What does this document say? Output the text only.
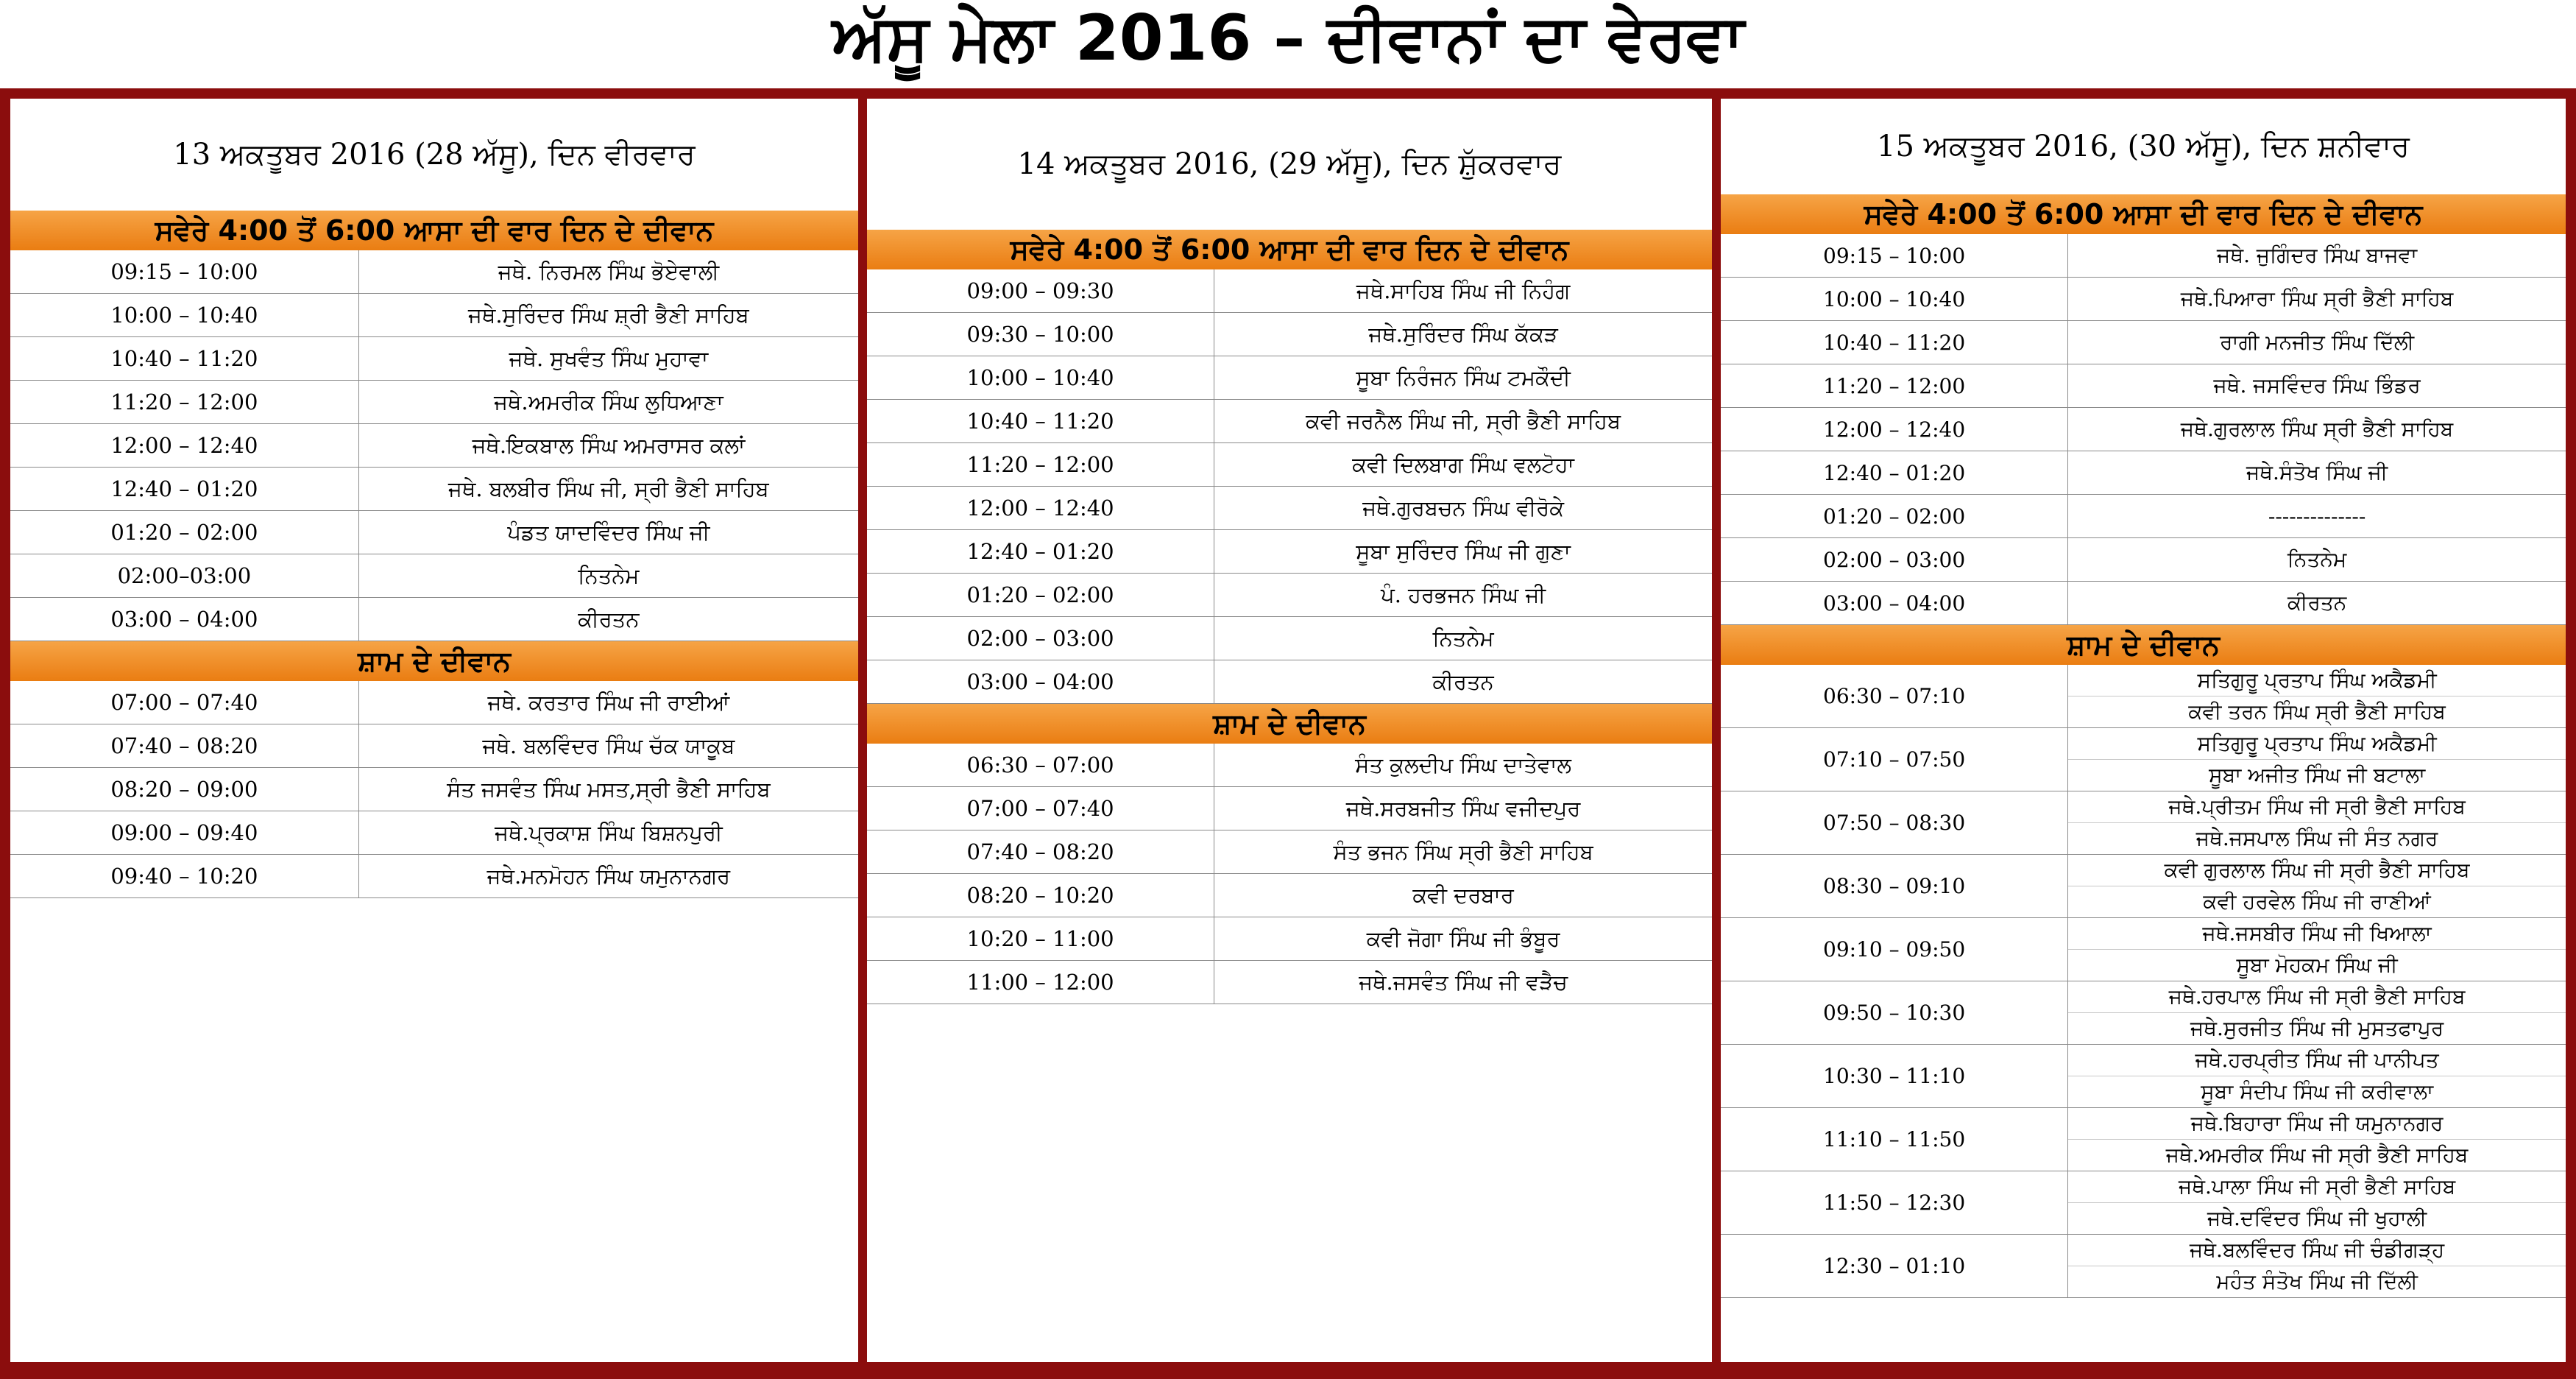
ਅੱਸੂ ਮੇਲਾ 2016 – ਦੀਵਾਨਾਂ ਦਾ ਵੇਰਵਾ
13 ਅਕਤੂਬਰ 2016 (28 ਅੱਸੂ), ਦਿਨ ਵੀਰਵਾਰ
ਸਵੇਰੇ 4:00 ਤੋਂ 6:00 ਆਸਾ ਦੀ ਵਾਰ ਦਿਨ ਦੇ ਦੀਵਾਨ
09:15 – 10:00	ਜਥੇ. ਨਿਰਮਲ ਸਿੰਘ ਭੋਏਵਾਲੀ
10:00 – 10:40	ਜਥੇ.ਸੁਰਿੰਦਰ ਸਿੰਘ ਸ਼੍ਰੀ ਭੈਣੀ ਸਾਹਿਬ
10:40 – 11:20	ਜਥੇ. ਸੁਖਵੰਤ ਸਿੰਘ ਮੁਹਾਵਾ
11:20 – 12:00	ਜਥੇ.ਅਮਰੀਕ ਸਿੰਘ ਲੁਧਿਆਣਾ
12:00 – 12:40	ਜਥੇ.ਇਕਬਾਲ ਸਿੰਘ ਅਮਰਾਸਰ ਕਲਾਂ
12:40 – 01:20	ਜਥੇ. ਬਲਬੀਰ ਸਿੰਘ ਜੀ, ਸ੍ਰੀ ਭੈਣੀ ਸਾਹਿਬ
01:20 – 02:00	ਪੰਡਤ ਯਾਦਵਿੰਦਰ ਸਿੰਘ ਜੀ
02:00–03:00	ਨਿਤਨੇਮ
03:00 – 04:00	ਕੀਰਤਨ
ਸ਼ਾਮ ਦੇ ਦੀਵਾਨ
07:00 – 07:40	ਜਥੇ. ਕਰਤਾਰ ਸਿੰਘ ਜੀ ਰਾਈਆਂ
07:40 – 08:20	ਜਥੇ. ਬਲਵਿੰਦਰ ਸਿੰਘ ਚੱਕ ਯਾਕੂਬ
08:20 – 09:00	ਸੰਤ ਜਸਵੰਤ ਸਿੰਘ ਮਸਤ,ਸ੍ਰੀ ਭੈਣੀ ਸਾਹਿਬ
09:00 – 09:40	ਜਥੇ.ਪ੍ਰਕਾਸ਼ ਸਿੰਘ ਬਿਸ਼ਨਪੁਰੀ
09:40 – 10:20	ਜਥੇ.ਮਨਮੋਹਨ ਸਿੰਘ ਯਮੁਨਾਨਗਰ
14 ਅਕਤੂਬਰ 2016, (29 ਅੱਸੂ), ਦਿਨ ਸ਼ੁੱਕਰਵਾਰ
ਸਵੇਰੇ 4:00 ਤੋਂ 6:00 ਆਸਾ ਦੀ ਵਾਰ ਦਿਨ ਦੇ ਦੀਵਾਨ
09:00 – 09:30	ਜਥੇ.ਸਾਹਿਬ ਸਿੰਘ ਜੀ ਨਿਹੰਗ
09:30 – 10:00	ਜਥੇ.ਸੁਰਿੰਦਰ ਸਿੰਘ ਕੱਕੜ
10:00 – 10:40	ਸੂਬਾ ਨਿਰੰਜਨ ਸਿੰਘ ਟਮਕੌਦੀ
10:40 – 11:20	ਕਵੀ ਜਰਨੈਲ ਸਿੰਘ ਜੀ, ਸ੍ਰੀ ਭੈਣੀ ਸਾਹਿਬ
11:20 – 12:00	ਕਵੀ ਦਿਲਬਾਗ ਸਿੰਘ ਵਲਟੋਹਾ
12:00 – 12:40	ਜਥੇ.ਗੁਰਬਚਨ ਸਿੰਘ ਵੀਰੋਕੇ
12:40 – 01:20	ਸੂਬਾ ਸੁਰਿੰਦਰ ਸਿੰਘ ਜੀ ਗੁਣਾ
01:20 – 02:00	ਪੰ. ਹਰਭਜਨ ਸਿੰਘ ਜੀ
02:00 – 03:00	ਨਿਤਨੇਮ
03:00 – 04:00	ਕੀਰਤਨ
ਸ਼ਾਮ ਦੇ ਦੀਵਾਨ
06:30 – 07:00	ਸੰਤ ਕੁਲਦੀਪ ਸਿੰਘ ਦਾਤੇਵਾਲ
07:00 – 07:40	ਜਥੇ.ਸਰਬਜੀਤ ਸਿੰਘ ਵਜੀਦਪੁਰ
07:40 – 08:20	ਸੰਤ ਭਜਨ ਸਿੰਘ ਸ੍ਰੀ ਭੈਣੀ ਸਾਹਿਬ
08:20 – 10:20	ਕਵੀ ਦਰਬਾਰ
10:20 – 11:00	ਕਵੀ ਜੋਗਾ ਸਿੰਘ ਜੀ ਭੰਬੂਰ
11:00 – 12:00	ਜਥੇ.ਜਸਵੰਤ ਸਿੰਘ ਜੀ ਵੜੈਚ
15 ਅਕਤੂਬਰ 2016, (30 ਅੱਸੂ), ਦਿਨ ਸ਼ਨੀਵਾਰ
ਸਵੇਰੇ 4:00 ਤੋਂ 6:00 ਆਸਾ ਦੀ ਵਾਰ ਦਿਨ ਦੇ ਦੀਵਾਨ
09:15 – 10:00	ਜਥੇ. ਜੁਗਿੰਦਰ ਸਿੰਘ ਬਾਜਵਾ
10:00 – 10:40	ਜਥੇ.ਪਿਆਰਾ ਸਿੰਘ ਸ੍ਰੀ ਭੈਣੀ ਸਾਹਿਬ
10:40 – 11:20	ਰਾਗੀ ਮਨਜੀਤ ਸਿੰਘ ਦਿੱਲੀ
11:20 – 12:00	ਜਥੇ. ਜਸਵਿੰਦਰ ਸਿੰਘ ਭਿੰਡਰ
12:00 – 12:40	ਜਥੇ.ਗੁਰਲਾਲ ਸਿੰਘ ਸ੍ਰੀ ਭੈਣੀ ਸਾਹਿਬ
12:40 – 01:20	ਜਥੇ.ਸੰਤੋਖ ਸਿੰਘ ਜੀ
01:20 – 02:00	--------------
02:00 – 03:00	ਨਿਤਨੇਮ
03:00 – 04:00	ਕੀਰਤਨ
ਸ਼ਾਮ ਦੇ ਦੀਵਾਨ
06:30 – 07:10	ਸਤਿਗੁਰੂ ਪ੍ਰਤਾਪ ਸਿੰਘ ਅਕੈਡਮੀ
	ਕਵੀ ਤਰਨ ਸਿੰਘ ਸ੍ਰੀ ਭੈਣੀ ਸਾਹਿਬ
07:10 – 07:50	ਸਤਿਗੁਰੂ ਪ੍ਰਤਾਪ ਸਿੰਘ ਅਕੈਡਮੀ
	ਸੂਬਾ ਅਜੀਤ ਸਿੰਘ ਜੀ ਬਟਾਲਾ
07:50 – 08:30	ਜਥੇ.ਪ੍ਰੀਤਮ ਸਿੰਘ ਜੀ ਸ੍ਰੀ ਭੈਣੀ ਸਾਹਿਬ
	ਜਥੇ.ਜਸਪਾਲ ਸਿੰਘ ਜੀ ਸੰਤ ਨਗਰ
08:30 – 09:10	ਕਵੀ ਗੁਰਲਾਲ ਸਿੰਘ ਜੀ ਸ੍ਰੀ ਭੈਣੀ ਸਾਹਿਬ
	ਕਵੀ ਹਰਵੇਲ ਸਿੰਘ ਜੀ ਰਾਣੀਆਂ
09:10 – 09:50	ਜਥੇ.ਜਸਬੀਰ ਸਿੰਘ ਜੀ ਖਿਆਲਾ
	ਸੂਬਾ ਮੋਹਕਮ ਸਿੰਘ ਜੀ
09:50 – 10:30	ਜਥੇ.ਹਰਪਾਲ ਸਿੰਘ ਜੀ ਸ੍ਰੀ ਭੈਣੀ ਸਾਹਿਬ
	ਜਥੇ.ਸੁਰਜੀਤ ਸਿੰਘ ਜੀ ਮੁਸਤਫਾਪੁਰ
10:30 – 11:10	ਜਥੇ.ਹਰਪ੍ਰੀਤ ਸਿੰਘ ਜੀ ਪਾਨੀਪਤ
	ਸੂਬਾ ਸੰਦੀਪ ਸਿੰਘ ਜੀ ਕਰੀਵਾਲਾ
11:10 – 11:50	ਜਥੇ.ਬਿਹਾਰਾ ਸਿੰਘ ਜੀ ਯਮੁਨਾਨਗਰ
	ਜਥੇ.ਅਮਰੀਕ ਸਿੰਘ ਜੀ ਸ੍ਰੀ ਭੈਣੀ ਸਾਹਿਬ
11:50 – 12:30	ਜਥੇ.ਪਾਲਾ ਸਿੰਘ ਜੀ ਸ੍ਰੀ ਭੈਣੀ ਸਾਹਿਬ
	ਜਥੇ.ਦਵਿੰਦਰ ਸਿੰਘ ਜੀ ਖੁਹਾਲੀ
12:30 – 01:10	ਜਥੇ.ਬਲਵਿੰਦਰ ਸਿੰਘ ਜੀ ਚੰਡੀਗੜ੍ਹ
	ਮਹੰਤ ਸੰਤੋਖ ਸਿੰਘ ਜੀ ਦਿੱਲੀ
